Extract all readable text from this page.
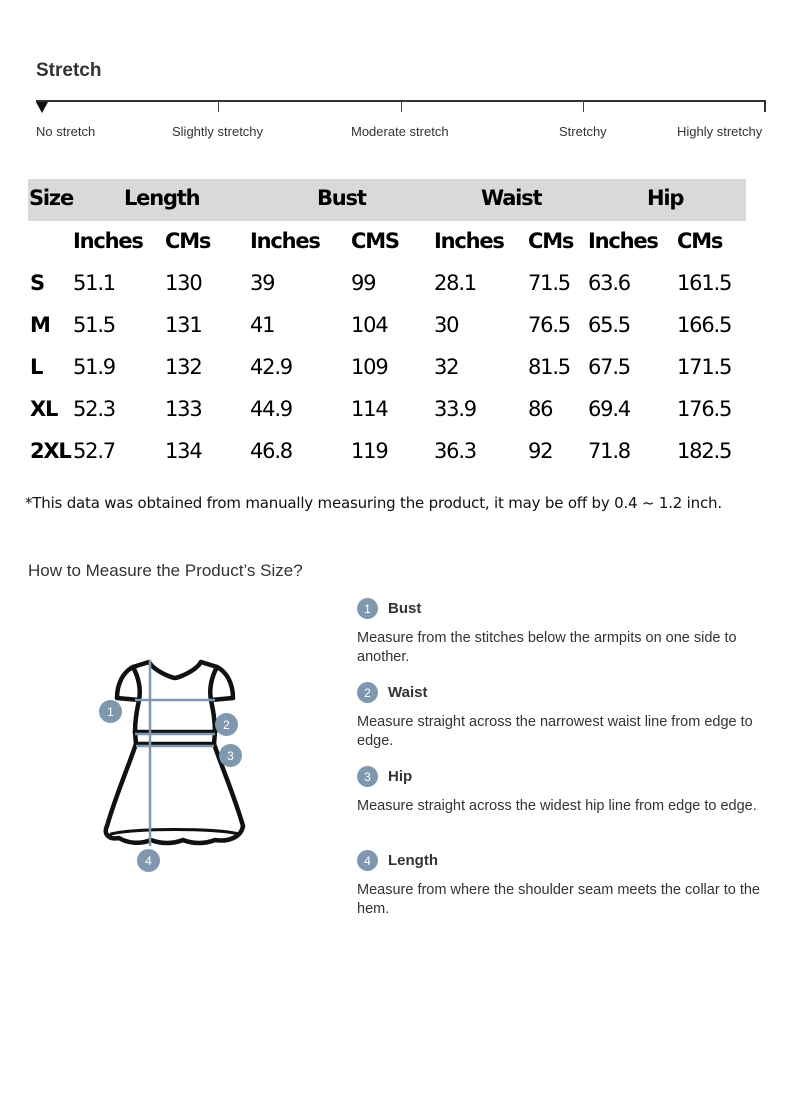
Stretch
No stretch	Slightly stretchy	Moderate stretch	Stretchy	Highly stretchy
Size Length	Bust	Waist	Hip
Inches CMs Inches CMS Inches CMs Inches CMs
S 51.1 130 39	99	28.1 71.5 63.6 161.5
M 51.5 131 41	104 30	76.5 65.5 166.5
L 51.9 132 42.9	109 32	81.5 67.5 171.5
XL 52.3 133 44.9	114 33.9 86 69.4 176.5
2XL 52.7 134 46.8	119 36.3 92 71.8 182.5
*This data was obtained from manually measuring the product, it may be off by 0.4 ~ 1.2 inch.
How to Measure the Product’s Size?
1
2
3
4
1	Bust
Measure from the stitches below the armpits on one side to another.
2	Waist
Measure straight across the narrowest waist line from edge to edge.
3	Hip
Measure straight across the widest hip line from edge to edge.
4	Length
Measure from where the shoulder seam meets the collar to the hem.
